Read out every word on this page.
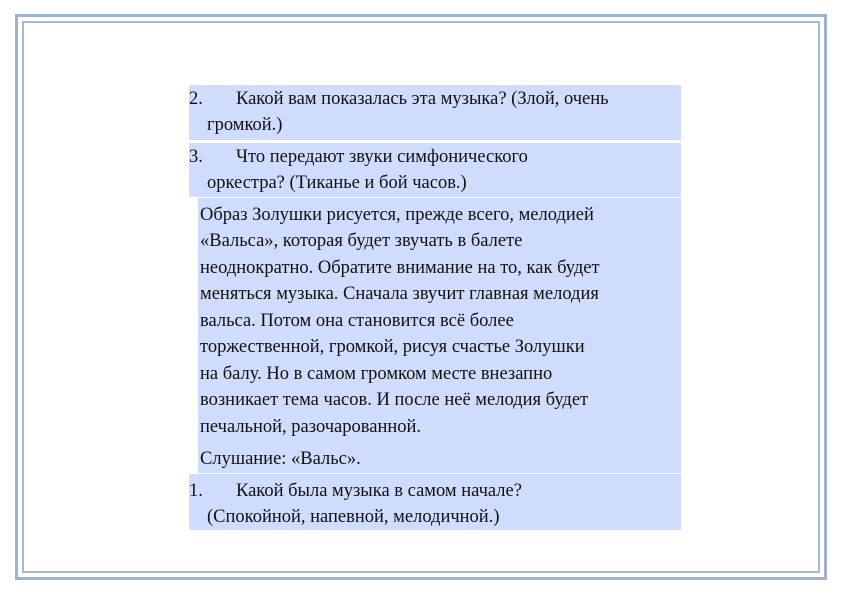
2. Какой вам показалась эта музыка? (Злой, очень
громкой.)
3. Что передают звуки симфонического
оркестра? (Тиканье и бой часов.)
Образ Золушки рисуется, прежде всего, мелодией
«Вальса», которая будет звучать в балете
неоднократно. Обратите внимание на то, как будет
меняться музыка. Сначала звучит главная мелодия
вальса. Потом она становится всё более
торжественной, громкой, рисуя счастье Золушки
на балу. Но в самом громком месте внезапно
возникает тема часов. И после неё мелодия будет
печальной, разочарованной.
Слушание: «Вальс».
1. Какой была музыка в самом начале?
(Спокойной, напевной, мелодичной.)
